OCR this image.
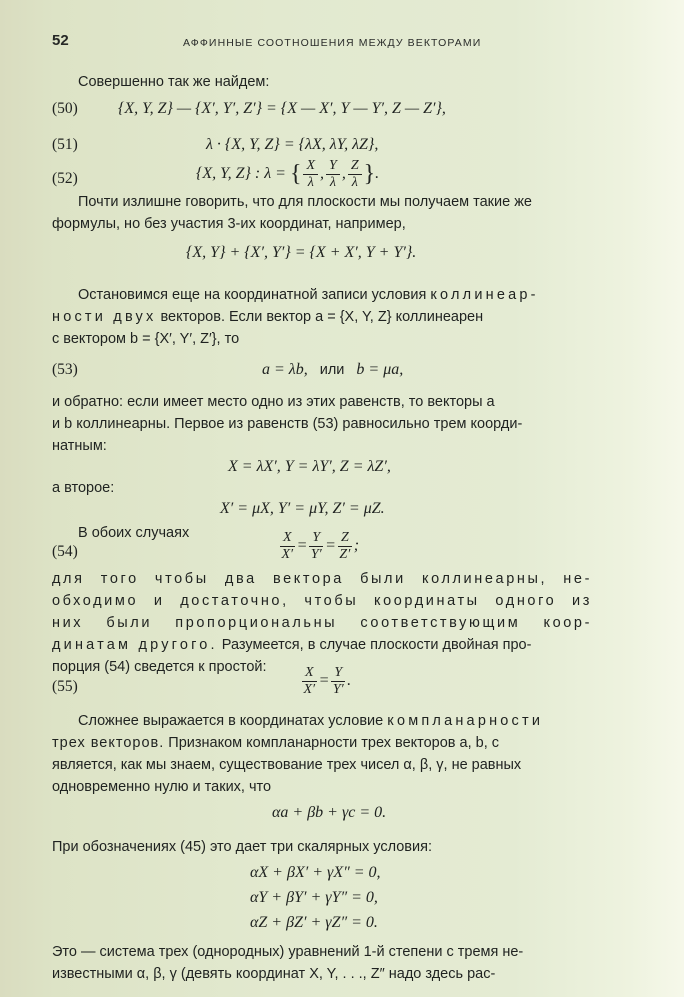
52	АФФИННЫЕ СООТНОШЕНИЯ МЕЖДУ ВЕКТОРАМИ
Совершенно так же найдем:
(50)	{X, Y, Z} — {X′, Y′, Z′} = {X — X′, Y — Y′, Z — Z′},
(51)	λ · {X, Y, Z} = {λX, λY, λZ},
(52)	{X, Y, Z} : λ = { $\frac{X}{\lambda}$ , $\frac{Y}{\lambda}$ , $\frac{Z}{\lambda}$ }.
Почти излишне говорить, что для плоскости мы получаем такие же
формулы, но без участия 3-их координат, например,
{X, Y} + {X′, Y′} = {X + X′, Y + Y′}.
Остановимся еще на координатной записи условия коллинеар-
ности двух векторов. Если вектор a = {X, Y, Z} коллинеарен
с вектором b = {X′, Y′, Z′}, то
(53)	a = λb, или b = μa,
и обратно: если имеет место одно из этих равенств, то векторы a
и b коллинеарны. Первое из равенств (53) равносильно трем коорди-
натным:
X = λX′, Y = λY′, Z = λZ′,
а второе:
X′ = μX, Y′ = μY, Z′ = μZ.
В обоих случаях
(54)	$\frac{X}{X'} = \frac{Y}{Y'} = \frac{Z}{Z'}$ ;
для того чтобы два вектора были коллинеарны, не-
обходимо и достаточно, чтобы координаты одного из
них были пропорциональны соответствующим коор-
динатам другого. Разумеется, в случае плоскости двойная про-
порция (54) сведется к простой:
(55)	$\frac{X}{X'} = \frac{Y}{Y'}$ .
Сложнее выражается в координатах условие компланарности
трех векторов. Признаком компланарности трех векторов a, b, c
является, как мы знаем, существование трех чисел α, β, γ, не равных
одновременно нулю и таких, что
αa + βb + γc = 0.
При обозначениях (45) это дает три скалярных условия:
αX + βX′ + γX″ = 0,
αY + βY′ + γY″ = 0,
αZ + βZ′ + γZ″ = 0.
Это — система трех (однородных) уравнений 1-й степени с тремя не-
известными α, β, γ (девять координат X, Y, . . ., Z″ надо здесь рас-
